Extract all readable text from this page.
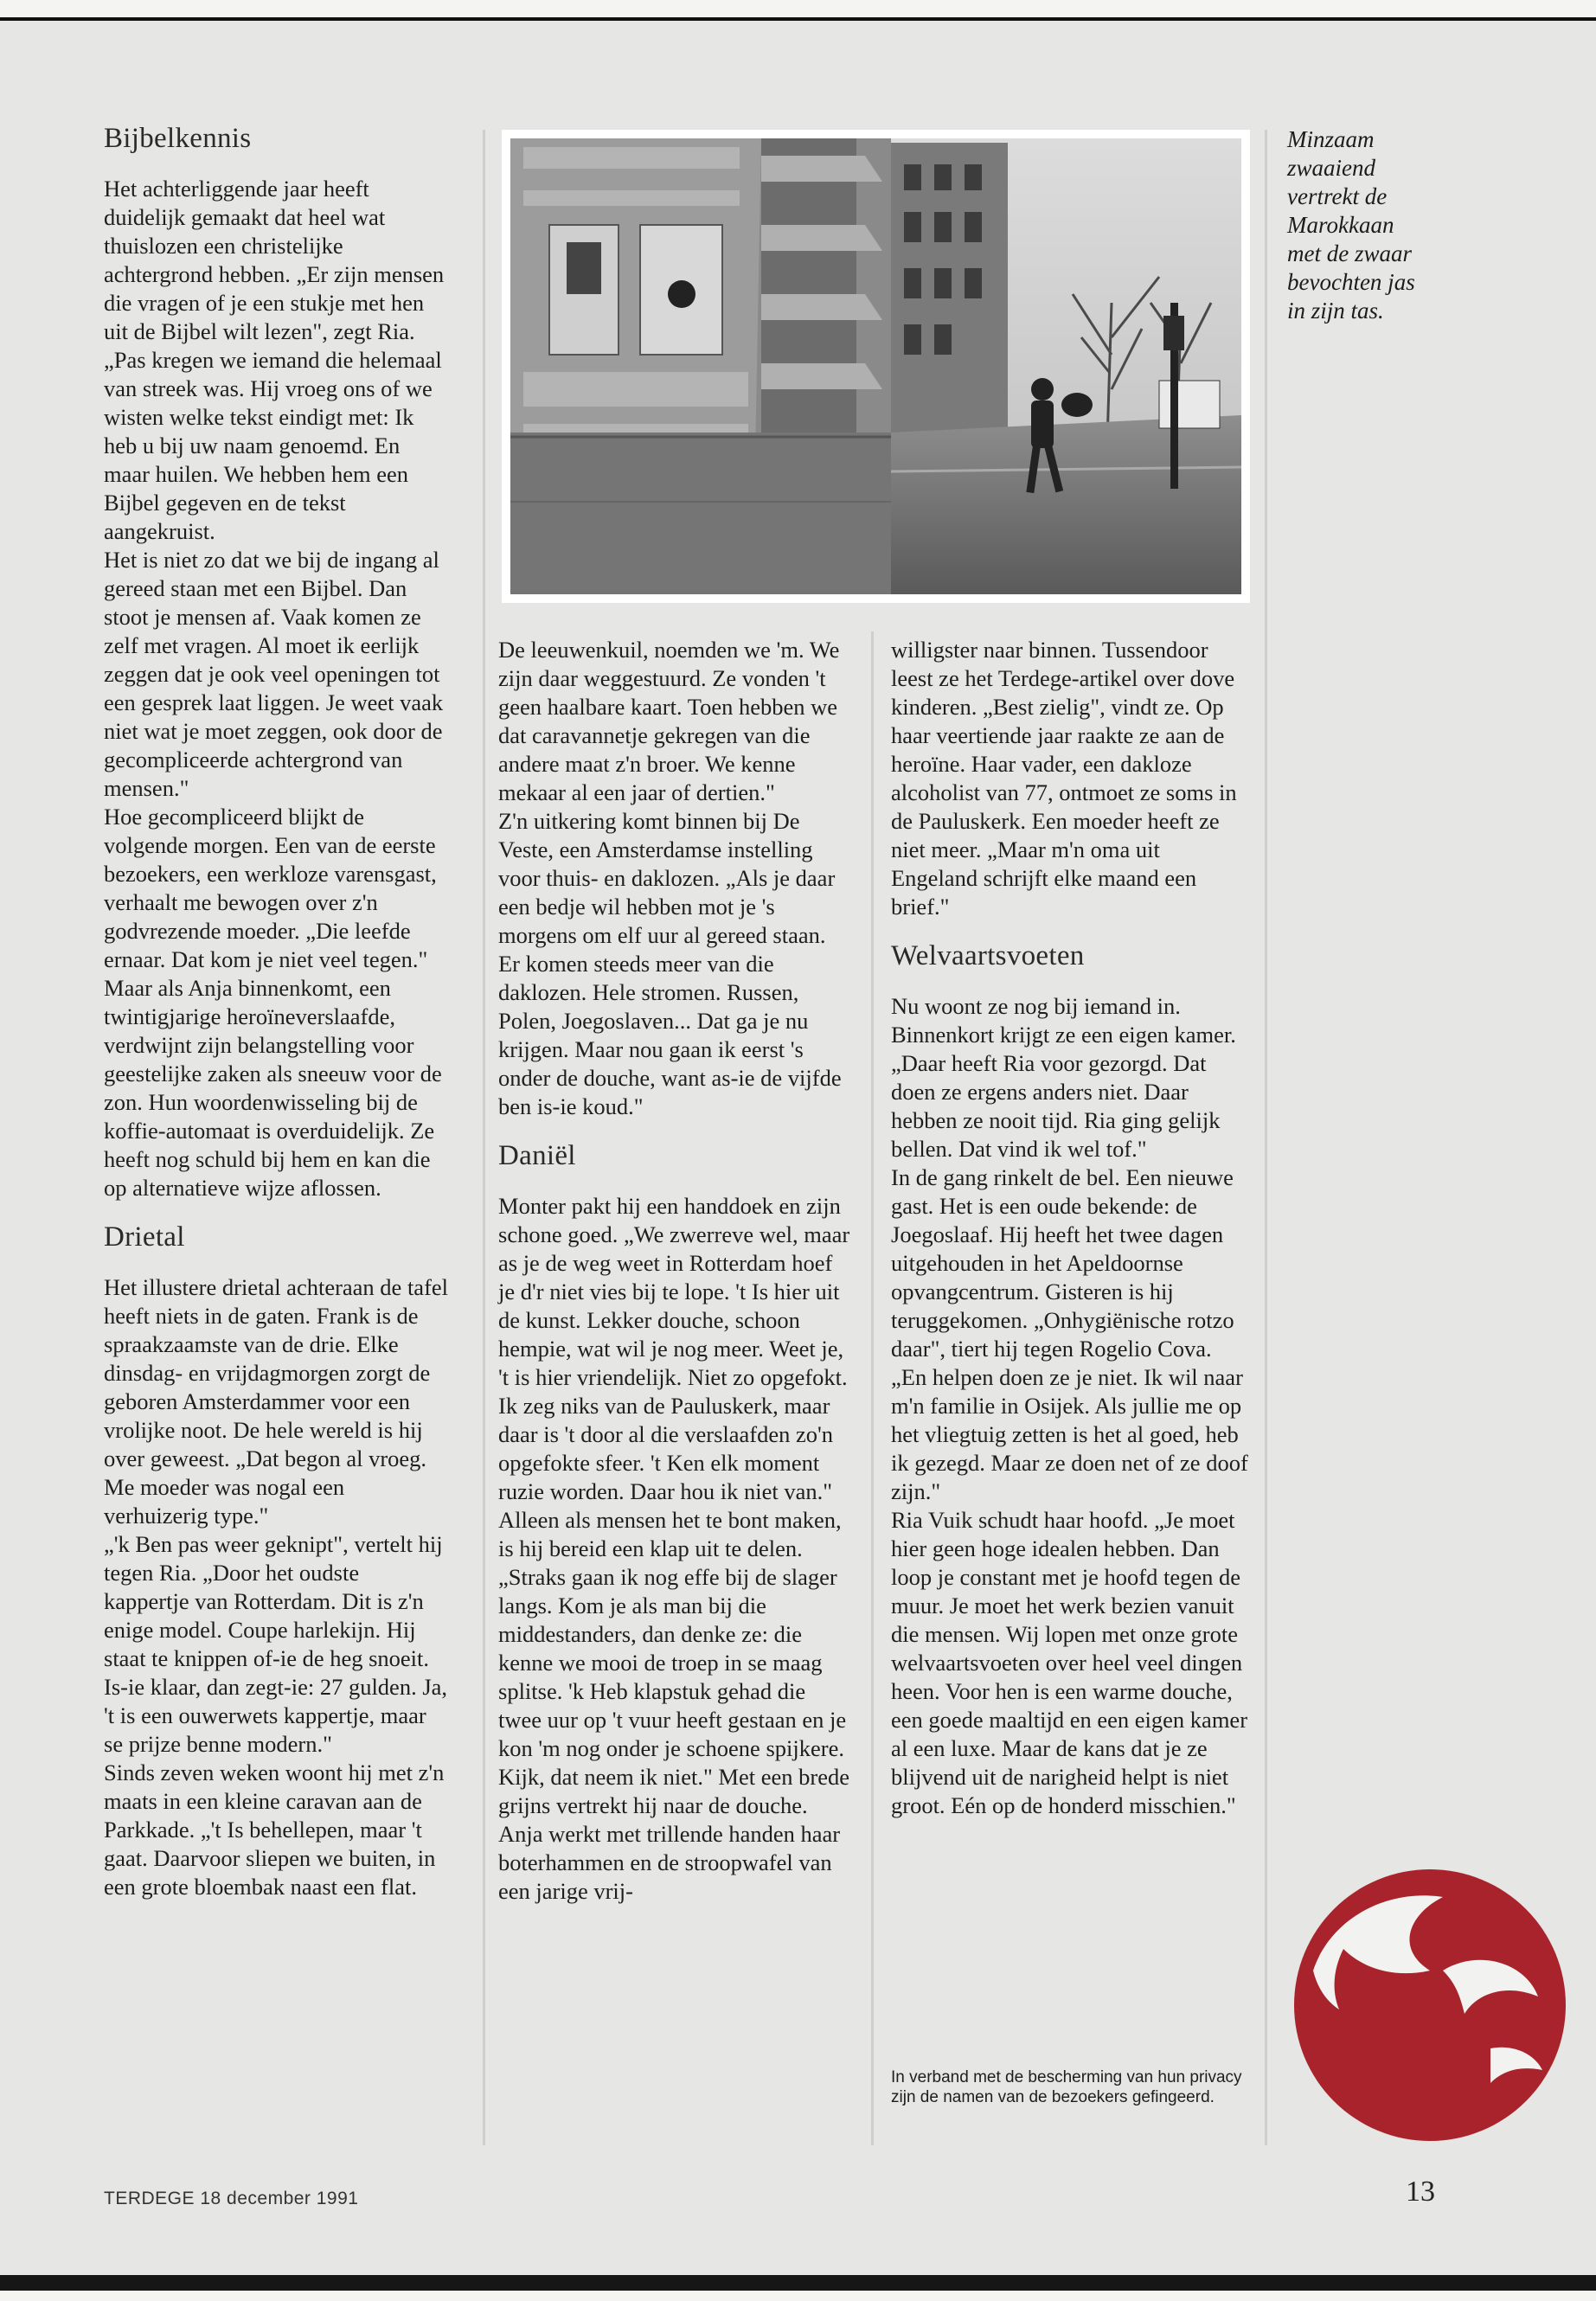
Bijbelkennis

Het achterliggende jaar heeft duidelijk gemaakt dat heel wat thuislozen een christelijke achtergrond hebben. „Er zijn mensen die vragen of je een stukje met hen uit de Bijbel wilt lezen", zegt Ria. „Pas kregen we iemand die helemaal van streek was. Hij vroeg ons of we wisten welke tekst eindigt met: Ik heb u bij uw naam genoemd. En maar huilen. We hebben hem een Bijbel gegeven en de tekst aangekruist.

Het is niet zo dat we bij de ingang al gereed staan met een Bijbel. Dan stoot je mensen af. Vaak komen ze zelf met vragen. Al moet ik eerlijk zeggen dat je ook veel openingen tot een gesprek laat liggen. Je weet vaak niet wat je moet zeggen, ook door de gecompliceerde achtergrond van mensen."

Hoe gecompliceerd blijkt de volgende morgen. Een van de eerste bezoekers, een werkloze varensgast, verhaalt me bewogen over z'n godvrezende moeder. „Die leefde ernaar. Dat kom je niet veel tegen." Maar als Anja binnenkomt, een twintigjarige heroïneverslaafde, verdwijnt zijn belangstelling voor geestelijke zaken als sneeuw voor de zon. Hun woordenwisseling bij de koffie-automaat is overduidelijk. Ze heeft nog schuld bij hem en kan die op alternatieve wijze aflossen.

Drietal

Het illustere drietal achteraan de tafel heeft niets in de gaten. Frank is de spraakzaamste van de drie. Elke dinsdag- en vrijdagmorgen zorgt de geboren Amsterdammer voor een vrolijke noot. De hele wereld is hij over geweest. „Dat begon al vroeg. Me moeder was nogal een verhuizerig type."

„'k Ben pas weer geknipt", vertelt hij tegen Ria. „Door het oudste kappertje van Rotterdam. Dit is z'n enige model. Coupe harlekijn. Hij staat te knippen of-ie de heg snoeit. Is-ie klaar, dan zegt-ie: 27 gulden. Ja, 't is een ouwerwets kappertje, maar se prijze benne modern."

Sinds zeven weken woont hij met z'n maats in een kleine caravan aan de Parkkade. „'t Is behellepen, maar 't gaat. Daarvoor sliepen we buiten, in een grote bloembak naast een flat.

De leeuwenkuil, noemden we 'm. We zijn daar weggestuurd. Ze vonden 't geen haalbare kaart. Toen hebben we dat caravannetje gekregen van die andere maat z'n broer. We kenne mekaar al een jaar of dertien."

Z'n uitkering komt binnen bij De Veste, een Amsterdamse instelling voor thuis- en daklozen. „Als je daar een bedje wil hebben mot je 's morgens om elf uur al gereed staan. Er komen steeds meer van die daklozen. Hele stromen. Russen, Polen, Joegoslaven... Dat ga je nu krijgen. Maar nou gaan ik eerst 's onder de douche, want as-ie de vijfde ben is-ie koud."

Daniël

Monter pakt hij een handdoek en zijn schone goed. „We zwerreve wel, maar as je de weg weet in Rotterdam hoef je d'r niet vies bij te lope. 't Is hier uit de kunst. Lekker douche, schoon hempie, wat wil je nog meer. Weet je, 't is hier vriendelijk. Niet zo opgefokt. Ik zeg niks van de Pauluskerk, maar daar is 't door al die verslaafden zo'n opgefokte sfeer. 't Ken elk moment ruzie worden. Daar hou ik niet van."

Alleen als mensen het te bont maken, is hij bereid een klap uit te delen. „Straks gaan ik nog effe bij de slager langs. Kom je als man bij die middestanders, dan denke ze: die kenne we mooi de troep in se maag splitse. 'k Heb klapstuk gehad die twee uur op 't vuur heeft gestaan en je kon 'm nog onder je schoene spijkere. Kijk, dat neem ik niet." Met een brede grijns vertrekt hij naar de douche.

Anja werkt met trillende handen haar boterhammen en de stroopwafel van een jarige vrij-

willigster naar binnen. Tussendoor leest ze het Terdege-artikel over dove kinderen. „Best zielig", vindt ze. Op haar veertiende jaar raakte ze aan de heroïne. Haar vader, een dakloze alcoholist van 77, ontmoet ze soms in de Pauluskerk. Een moeder heeft ze niet meer. „Maar m'n oma uit Engeland schrijft elke maand een brief."

Welvaartsvoeten

Nu woont ze nog bij iemand in. Binnenkort krijgt ze een eigen kamer. „Daar heeft Ria voor gezorgd. Dat doen ze ergens anders niet. Daar hebben ze nooit tijd. Ria ging gelijk bellen. Dat vind ik wel tof."

In de gang rinkelt de bel. Een nieuwe gast. Het is een oude bekende: de Joegoslaaf. Hij heeft het twee dagen uitgehouden in het Apeldoornse opvangcentrum. Gisteren is hij teruggekomen. „Onhygiënische rotzo daar", tiert hij tegen Rogelio Cova. „En helpen doen ze je niet. Ik wil naar m'n familie in Osijek. Als jullie me op het vliegtuig zetten is het al goed, heb ik gezegd. Maar ze doen net of ze doof zijn."

Ria Vuik schudt haar hoofd. „Je moet hier geen hoge idealen hebben. Dan loop je constant met je hoofd tegen de muur. Je moet het werk bezien vanuit die mensen. Wij lopen met onze grote welvaartsvoeten over heel veel dingen heen. Voor hen is een warme douche, een goede maaltijd en een eigen kamer al een luxe. Maar de kans dat je ze blijvend uit de narigheid helpt is niet groot. Eén op de honderd misschien."

In verband met de bescherming van hun privacy zijn de namen van de bezoekers gefingeerd.
Minzaam
zwaaiend
vertrekt de
Marokkaan
met de zwaar
bevochten jas
in zijn tas.
TERDEGE 18 december 1991	13
